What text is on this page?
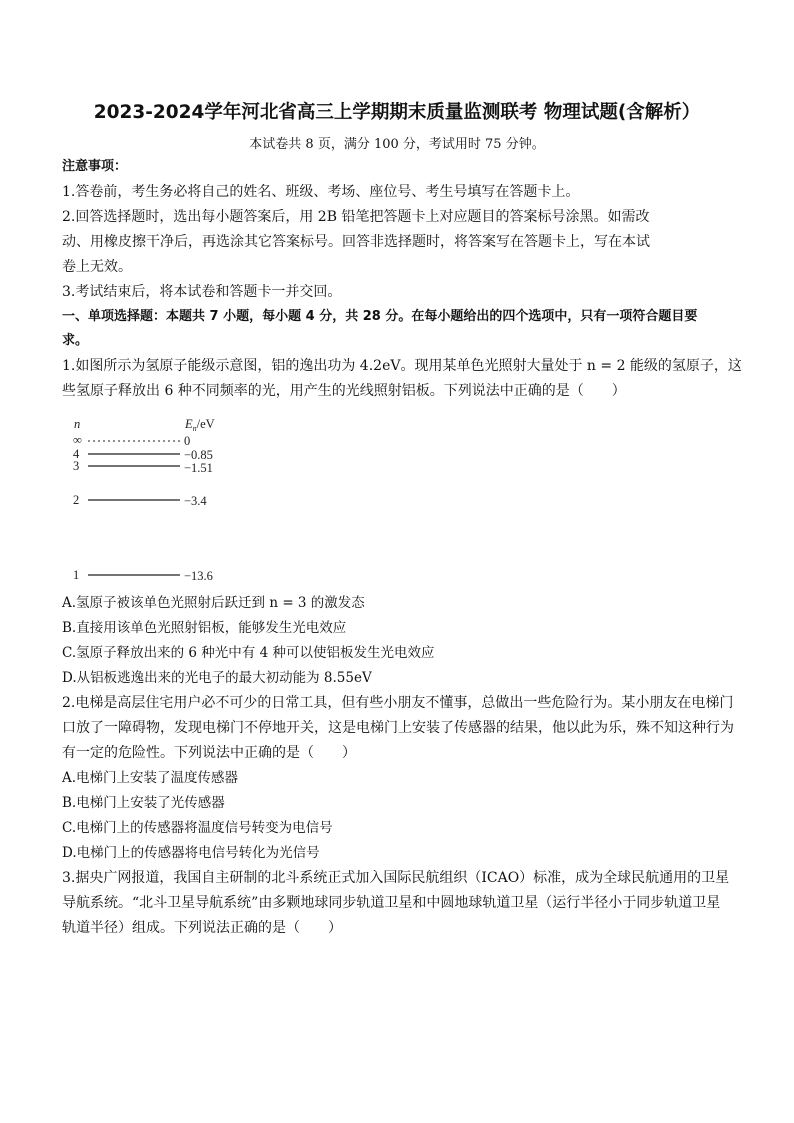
2023-2024学年河北省高三上学期期末质量监测联考 物理试题(含解析）
本试卷共 8 页，满分 100 分，考试用时 75 分钟。
注意事项：
1.答卷前，考生务必将自己的姓名、班级、考场、座位号、考生号填写在答题卡上。
2.回答选择题时，选出每小题答案后，用 2B 铅笔把答题卡上对应题目的答案标号涂黑。如需改
动、用橡皮擦干净后，再选涂其它答案标号。回答非选择题时，将答案写在答题卡上，写在本试
卷上无效。
3.考试结束后，将本试卷和答题卡一并交回。
一、单项选择题：本题共 7 小题，每小题 4 分，共 28 分。在每小题给出的四个选项中，只有一项符合题目要
求。
1.如图所示为氢原子能级示意图，铝的逸出功为 4.2eV。现用某单色光照射大量处于 n = 2 能级的氢原子，这
些氢原子释放出 6 种不同频率的光，用产生的光线照射铝板。下列说法中正确的是（　　）
n	$E_n/eV$
∞	0
4	−0.85
3	−1.51
2	−3.4
1	−13.6
A.氢原子被该单色光照射后跃迁到 n = 3 的激发态
B.直接用该单色光照射铝板，能够发生光电效应
C.氢原子释放出来的 6 种光中有 4 种可以使铝板发生光电效应
D.从铝板逃逸出来的光电子的最大初动能为 8.55eV
2.电梯是高层住宅用户必不可少的日常工具，但有些小朋友不懂事，总做出一些危险行为。某小朋友在电梯门
口放了一障碍物，发现电梯门不停地开关，这是电梯门上安装了传感器的结果，他以此为乐，殊不知这种行为
有一定的危险性。下列说法中正确的是（　　）
A.电梯门上安装了温度传感器
B.电梯门上安装了光传感器
C.电梯门上的传感器将温度信号转变为电信号
D.电梯门上的传感器将电信号转化为光信号
3.据央广网报道，我国自主研制的北斗系统正式加入国际民航组织（ICAO）标准，成为全球民航通用的卫星
导航系统。“北斗卫星导航系统”由多颗地球同步轨道卫星和中圆地球轨道卫星（运行半径小于同步轨道卫星
轨道半径）组成。下列说法正确的是（　　）
